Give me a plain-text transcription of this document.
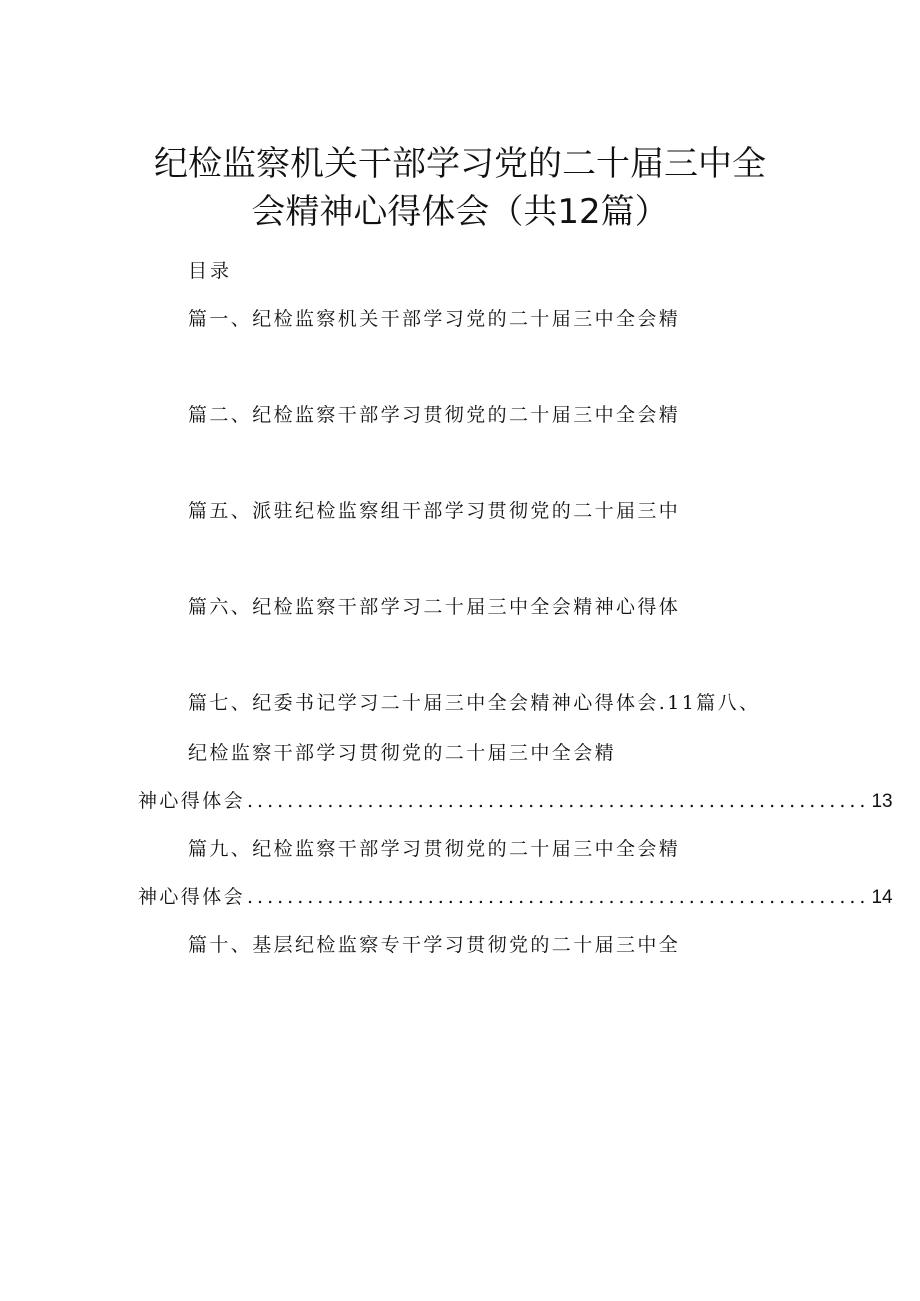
纪检监察机关干部学习党的二十届三中全
会精神心得体会（共12篇）
目录
篇一、纪检监察机关干部学习党的二十届三中全会精
篇二、纪检监察干部学习贯彻党的二十届三中全会精
篇五、派驻纪检监察组干部学习贯彻党的二十届三中
篇六、纪检监察干部学习二十届三中全会精神心得体
篇七、纪委书记学习二十届三中全会精神心得体会.11篇八、
纪检监察干部学习贯彻党的二十届三中全会精
神心得体会 .............................................................. 13
篇九、纪检监察干部学习贯彻党的二十届三中全会精
神心得体会 .............................................................. 14
篇十、基层纪检监察专干学习贯彻党的二十届三中全
